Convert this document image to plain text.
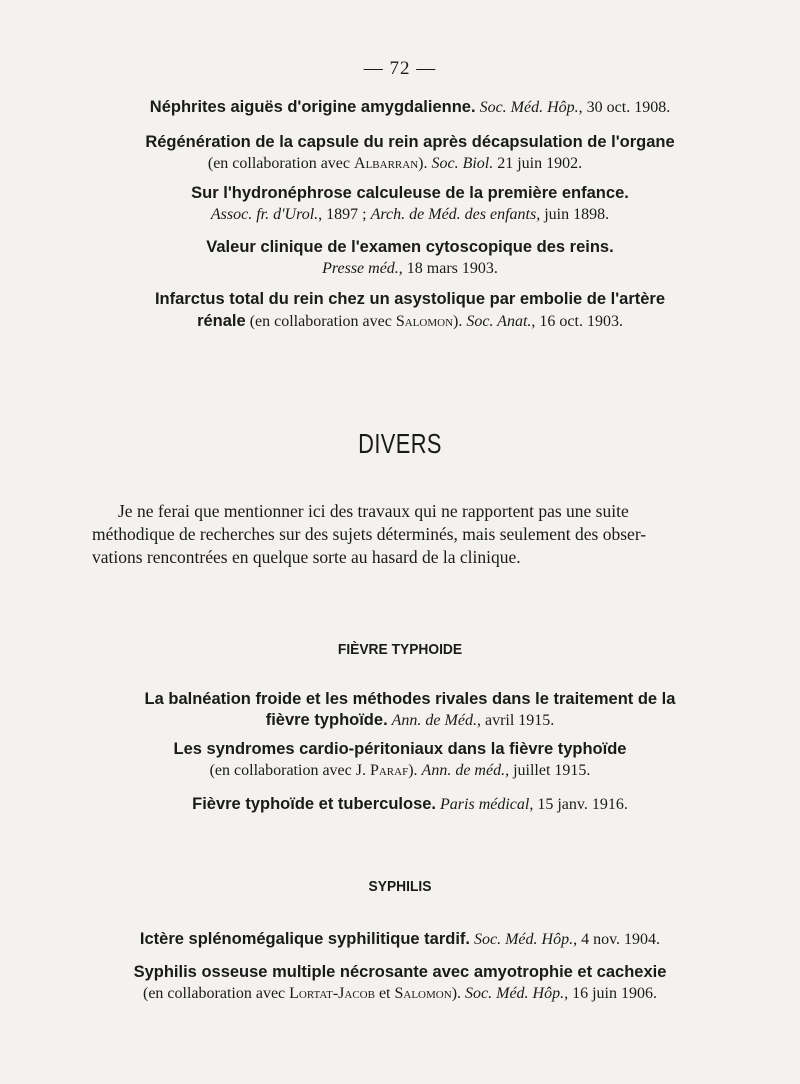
— 72 —
Néphrites aiguës d'origine amygdalienne. Soc. Méd. Hôp., 30 oct. 1908.
Régénération de la capsule du rein après décapsulation de l'organe
(en collaboration avec Albarran). Soc. Biol. 21 juin 1902.
Sur l'hydronéphrose calculeuse de la première enfance.
Assoc. fr. d'Urol., 1897 ; Arch. de Méd. des enfants, juin 1898.
Valeur clinique de l'examen cytoscopique des reins.
Presse méd., 18 mars 1903.
Infarctus total du rein chez un asystolique par embolie de l'artère
rénale (en collaboration avec Salomon). Soc. Anat., 16 oct. 1903.
DIVERS
Je ne ferai que mentionner ici des travaux qui ne rapportent pas une suite
méthodique de recherches sur des sujets déterminés, mais seulement des obser-
vations rencontrées en quelque sorte au hasard de la clinique.
FIÈVRE TYPHOIDE
La balnéation froide et les méthodes rivales dans le traitement de la
fièvre typhoïde. Ann. de Méd., avril 1915.
Les syndromes cardio-péritoniaux dans la fièvre typhoïde
(en collaboration avec J. Paraf). Ann. de méd., juillet 1915.
Fièvre typhoïde et tuberculose. Paris médical, 15 janv. 1916.
SYPHILIS
Ictère splénomégalique syphilitique tardif. Soc. Méd. Hôp., 4 nov. 1904.
Syphilis osseuse multiple nécrosante avec amyotrophie et cachexie
(en collaboration avec Lortat-Jacob et Salomon). Soc. Méd. Hôp., 16 juin 1906.
